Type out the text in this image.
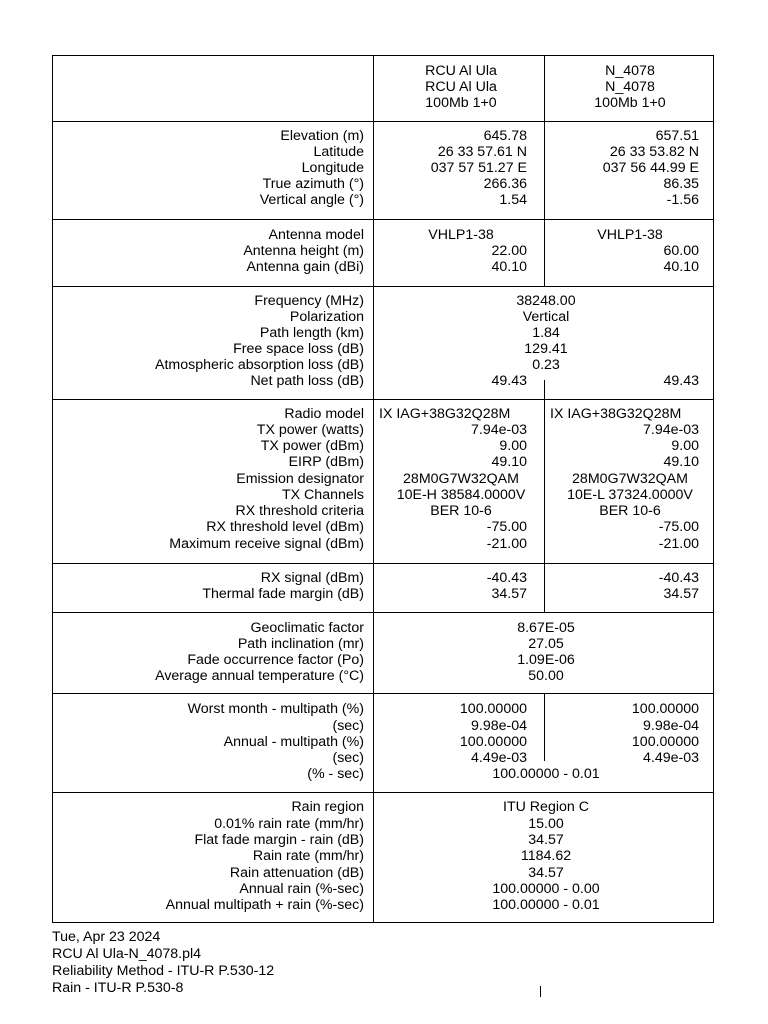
RCU Al Ula
RCU Al Ula
100Mb 1+0
N_4078
N_4078
100Mb 1+0
Elevation (m)
Latitude
Longitude
True azimuth (°)
Vertical angle (°)
645.78
26 33 57.61 N
037 57 51.27 E
266.36
1.54
657.51
26 33 53.82 N
037 56 44.99 E
86.35
-1.56
Antenna model
Antenna height (m)
Antenna gain (dBi)
VHLP1-38
22.00
40.10
VHLP1-38
60.00
40.10
Frequency (MHz)
Polarization
Path length (km)
Free space loss (dB)
Atmospheric absorption loss (dB)
Net path loss (dB)
38248.00
Vertical
1.84
129.41
0.23
49.43	49.43
Radio model
TX power (watts)
TX power (dBm)
EIRP (dBm)
Emission designator
TX Channels
RX threshold criteria
RX threshold level (dBm)
Maximum receive signal (dBm)
IX IAG+38G32Q28M
7.94e-03
9.00
49.10
28M0G7W32QAM
10E-H 38584.0000V
BER 10-6
-75.00
-21.00
IX IAG+38G32Q28M
7.94e-03
9.00
49.10
28M0G7W32QAM
10E-L 37324.0000V
BER 10-6
-75.00
-21.00
RX signal (dBm)
Thermal fade margin (dB)
-40.43
34.57
-40.43
34.57
Geoclimatic factor
Path inclination (mr)
Fade occurrence factor (Po)
Average annual temperature (°C)
8.67E-05
27.05
1.09E-06
50.00
Worst month - multipath (%)
(sec)
Annual - multipath (%)
(sec)
(% - sec)
100.00000
9.98e-04
100.00000
4.49e-03
100.00000
9.98e-04
100.00000
4.49e-03
100.00000 - 0.01
Rain region
0.01% rain rate (mm/hr)
Flat fade margin - rain (dB)
Rain rate (mm/hr)
Rain attenuation (dB)
Annual rain (%-sec)
Annual multipath + rain (%-sec)
ITU Region C
15.00
34.57
1184.62
34.57
100.00000 - 0.00
100.00000 - 0.01
Tue, Apr 23 2024
RCU Al Ula-N_4078.pl4
Reliability Method - ITU-R P.530-12
Rain - ITU-R P.530-8
